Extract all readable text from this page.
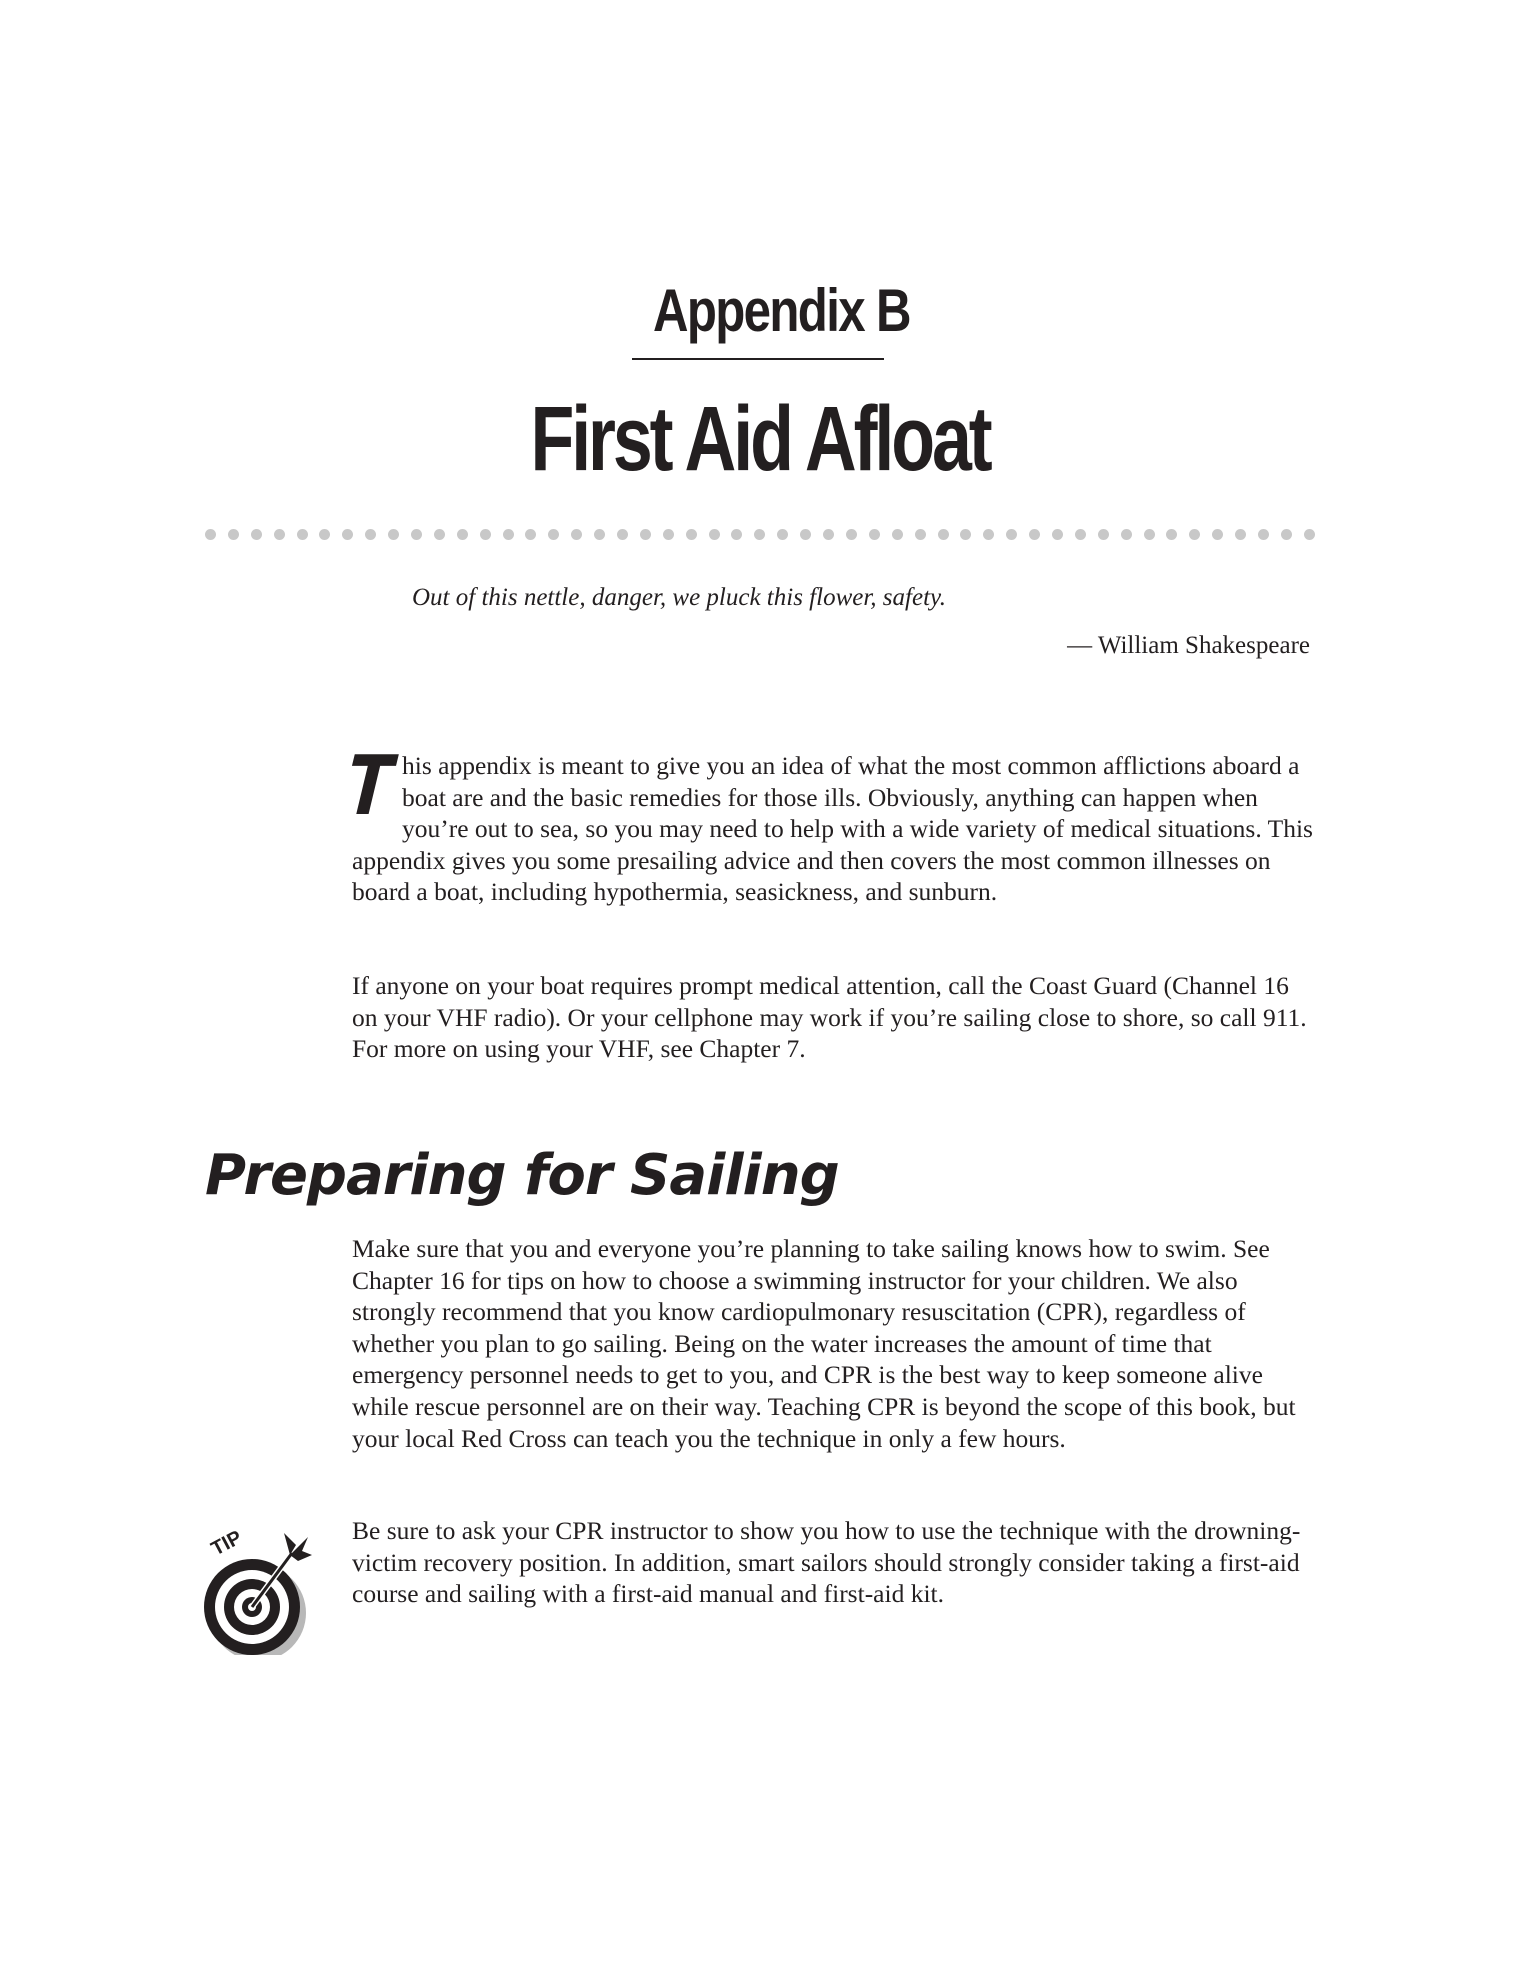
Appendix B
First Aid Afloat
Out of this nettle, danger, we pluck this flower, safety.
— William Shakespeare

This appendix is meant to give you an idea of what the most common afflictions aboard a boat are and the basic remedies for those ills. Obviously, anything can happen when you’re out to sea, so you may need to help with a wide variety of medical situations. This appendix gives you some presailing advice and then covers the most common illnesses on board a boat, including hypothermia, seasickness, and sunburn.

If anyone on your boat requires prompt medical attention, call the Coast Guard (Channel 16 on your VHF radio). Or your cellphone may work if you’re sailing close to shore, so call 911. For more on using your VHF, see Chapter 7.

Preparing for Sailing

Make sure that you and everyone you’re planning to take sailing knows how to swim. See Chapter 16 for tips on how to choose a swimming instructor for your children. We also strongly recommend that you know cardiopulmonary resuscitation (CPR), regardless of whether you plan to go sailing. Being on the water increases the amount of time that emergency personnel needs to get to you, and CPR is the best way to keep someone alive while rescue personnel are on their way. Teaching CPR is beyond the scope of this book, but your local Red Cross can teach you the technique in only a few hours.

TIP	Be sure to ask your CPR instructor to show you how to use the technique with the drowning-victim recovery position. In addition, smart sailors should strongly consider taking a first-aid course and sailing with a first-aid manual and first-aid kit.
